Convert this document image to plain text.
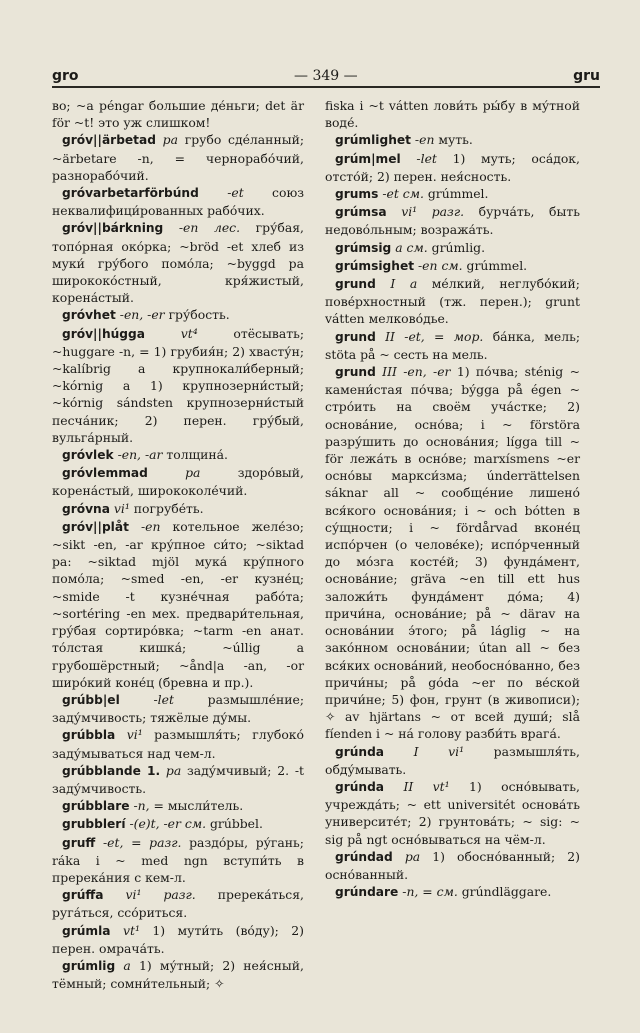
gro	— 349 —	gru

во; ~а péngar большие де́ньги; det är för ~t! это уж слишком!

gróv||ärbetad pa грубо сде́ланный; ~ärbetare -n, = чернорабо́чий, разнорабо́чий.

gróvarbetarförbúnd -et союз неквалифици́рованных рабо́чих.

gróv||bárkning -en лес. гру́бая, топо́рная око́рка; ~bröd -et хлеб из муки́ гру́бого помо́ла; ~byggd pa ширококо́стный, кря́жистый, корена́стый.

gróvhet -en, -er гру́бость.

gróv||húgga	vt⁴	отёсывать; ~huggare -n, = 1) грубия́н; 2) хвасту́н; ~kalíbrig a крупнокали́берный; ~kórnig a 1) крупнозерни́стый; ~kórnig sándsten крупнозерни́стый песча́ник; 2) перен. гру́бый, вульга́рный.

gróvlek -en, -ar толщина́.

gróvlemmad	pa	здоро́вый, корена́стый, ширококоле́чий.

gróvna vi¹ погрубе́ть.

gróv||plåt -en котельное желе́зо; ~sikt -en, -ar кру́пное си́то; ~siktad pa: ~siktad mjöl мука́ кру́пного помо́ла; ~smed -en, -er кузне́ц; ~smide -t кузне́чная рабо́та; ~sortéring -en мех. предвари́тельная, гру́бая сортиро́вка; ~tarm -en анат. то́лстая кишка́; ~úllig a грубошёрстный; ~ånd|a -an, -or широ́кий коне́ц (бревна и пр.).

grúbb|el	-let	размышле́ние; заду́мчивость; тяжёлые ду́мы.

grúbbla vi¹ размышля́ть; глубоко́ заду́мываться над чем-л.

grúbblande 1. pa заду́мчивый; 2. -t заду́мчивость.

grúbblare -n, = мысли́тель.

grubblerí -(e)t, -er см. grúbbel.

gruff -et, = разг. раздо́ры, ру́гань; ráka i ~ med ngn вступи́ть в пререка́ния с кем-л.

grúffa vi¹ разг. пререка́ться, руга́ться, ссо́риться.

grúmla vt¹ 1) мути́ть (во́ду); 2) перен. омрача́ть.

grúmlig a 1) му́тный; 2) нея́сный, тёмный; сомни́тельный; ✧

fiska i ~t vátten лови́ть ры́бу в му́тной воде́.

grúmlighet -en муть.

grúm|mel -let 1) муть; оса́док, отсто́й; 2) перен. нея́сность.

grums -et см. grúmmel.

grúmsa vi¹ разг. бурча́ть, быть недово́льным; возража́ть.

grúmsig a см. grúmlig.

grúmsighet -en см. grúmmel.

grund I a ме́лкий, неглубо́кий; пове́рхностный (тж. перен.); grunt vátten мелково́дье.

grund II -et, = мор. ба́нка, мель; stöta på ~ сесть на мель.

grund III -en, -er 1) по́чва; sténig ~ камени́стая по́чва; býgga på égen ~ стро́ить на своём уча́стке; 2) основа́ние, осно́ва; i ~ förstöra разру́шить до основа́ния; lígga till ~ för лежа́ть в осно́ве; marxísmens ~er осно́вы маркси́зма; únderrättelsen sáknar all ~ сообще́ние лишено́ вся́кого основа́ния; i ~ och bótten в су́щности; i ~ fördårvad вконе́ц испо́рчен (о челове́ке); испо́рченный до мо́зга косте́й; 3) фунда́мент, основа́ние; gräva ~en till ett hus заложи́ть фунда́мент до́ма; 4) причи́на, основа́ние; på ~ därav на основа́нии э́того; på láglig ~ на зако́нном основа́нии; útan all ~ без вся́ких основа́ний, необосно́ванно, без причи́ны; på góda ~er по ве́ской причи́не; 5) фон, грунт (в живописи); ✧ av hjärtans ~ от всей души́; slå fíenden i ~ нá голову разби́ть врага́.

grúnda I vi¹ размышля́ть, обду́мывать.

grúnda II vt¹ 1) осно́вывать, учрежда́ть; ~ ett universitét основа́ть университе́т; 2) грунтова́ть; ~ sig: ~ sig på ngt осно́вываться на чём-л.

grúndad pa 1) обосно́ванный; 2) осно́ванный.

grúndare -n, = см. grúndläggare.
